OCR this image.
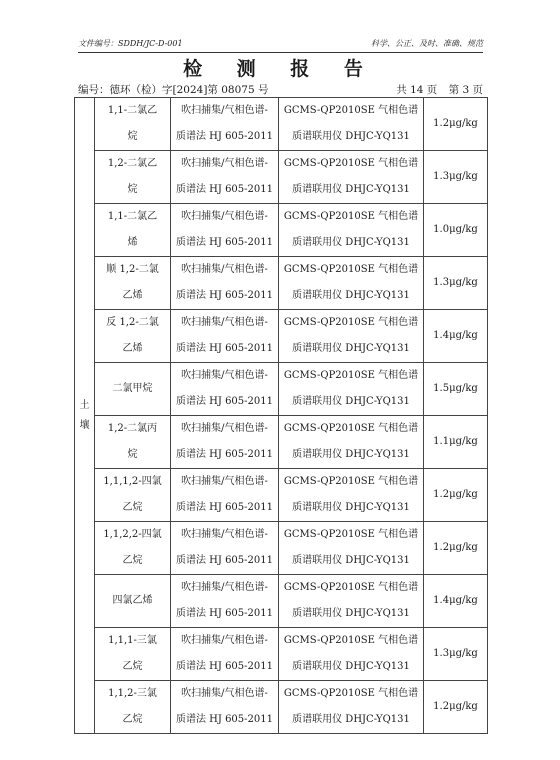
文件编号：SDDH/JC-D-001	科学、公正、及时、准确、规范
检 测 报 告
编号：德环（检）字[2024]第 08075 号	共 14 页 第 3 页
土
壤	1,1-二氯乙
烷	吹扫捕集/气相色谱-
质谱法 HJ 605-2011	GCMS-QP2010SE 气相色谱
质谱联用仪 DHJC-YQ131	1.2μg/kg

	1,2-二氯乙
烷	吹扫捕集/气相色谱-
质谱法 HJ 605-2011	GCMS-QP2010SE 气相色谱
质谱联用仪 DHJC-YQ131	1.3μg/kg

	1,1-二氯乙
烯	吹扫捕集/气相色谱-
质谱法 HJ 605-2011	GCMS-QP2010SE 气相色谱
质谱联用仪 DHJC-YQ131	1.0μg/kg

	顺 1,2-二氯
乙烯	吹扫捕集/气相色谱-
质谱法 HJ 605-2011	GCMS-QP2010SE 气相色谱
质谱联用仪 DHJC-YQ131	1.3μg/kg

	反 1,2-二氯
乙烯	吹扫捕集/气相色谱-
质谱法 HJ 605-2011	GCMS-QP2010SE 气相色谱
质谱联用仪 DHJC-YQ131	1.4μg/kg

	二氯甲烷	吹扫捕集/气相色谱-
质谱法 HJ 605-2011	GCMS-QP2010SE 气相色谱
质谱联用仪 DHJC-YQ131	1.5μg/kg

	1,2-二氯丙
烷	吹扫捕集/气相色谱-
质谱法 HJ 605-2011	GCMS-QP2010SE 气相色谱
质谱联用仪 DHJC-YQ131	1.1μg/kg

	1,1,1,2-四氯
乙烷	吹扫捕集/气相色谱-
质谱法 HJ 605-2011	GCMS-QP2010SE 气相色谱
质谱联用仪 DHJC-YQ131	1.2μg/kg

	1,1,2,2-四氯
乙烷	吹扫捕集/气相色谱-
质谱法 HJ 605-2011	GCMS-QP2010SE 气相色谱
质谱联用仪 DHJC-YQ131	1.2μg/kg

	四氯乙烯	吹扫捕集/气相色谱-
质谱法 HJ 605-2011	GCMS-QP2010SE 气相色谱
质谱联用仪 DHJC-YQ131	1.4μg/kg

	1,1,1-三氯
乙烷	吹扫捕集/气相色谱-
质谱法 HJ 605-2011	GCMS-QP2010SE 气相色谱
质谱联用仪 DHJC-YQ131	1.3μg/kg

	1,1,2-三氯
乙烷	吹扫捕集/气相色谱-
质谱法 HJ 605-2011	GCMS-QP2010SE 气相色谱
质谱联用仪 DHJC-YQ131	1.2μg/kg
